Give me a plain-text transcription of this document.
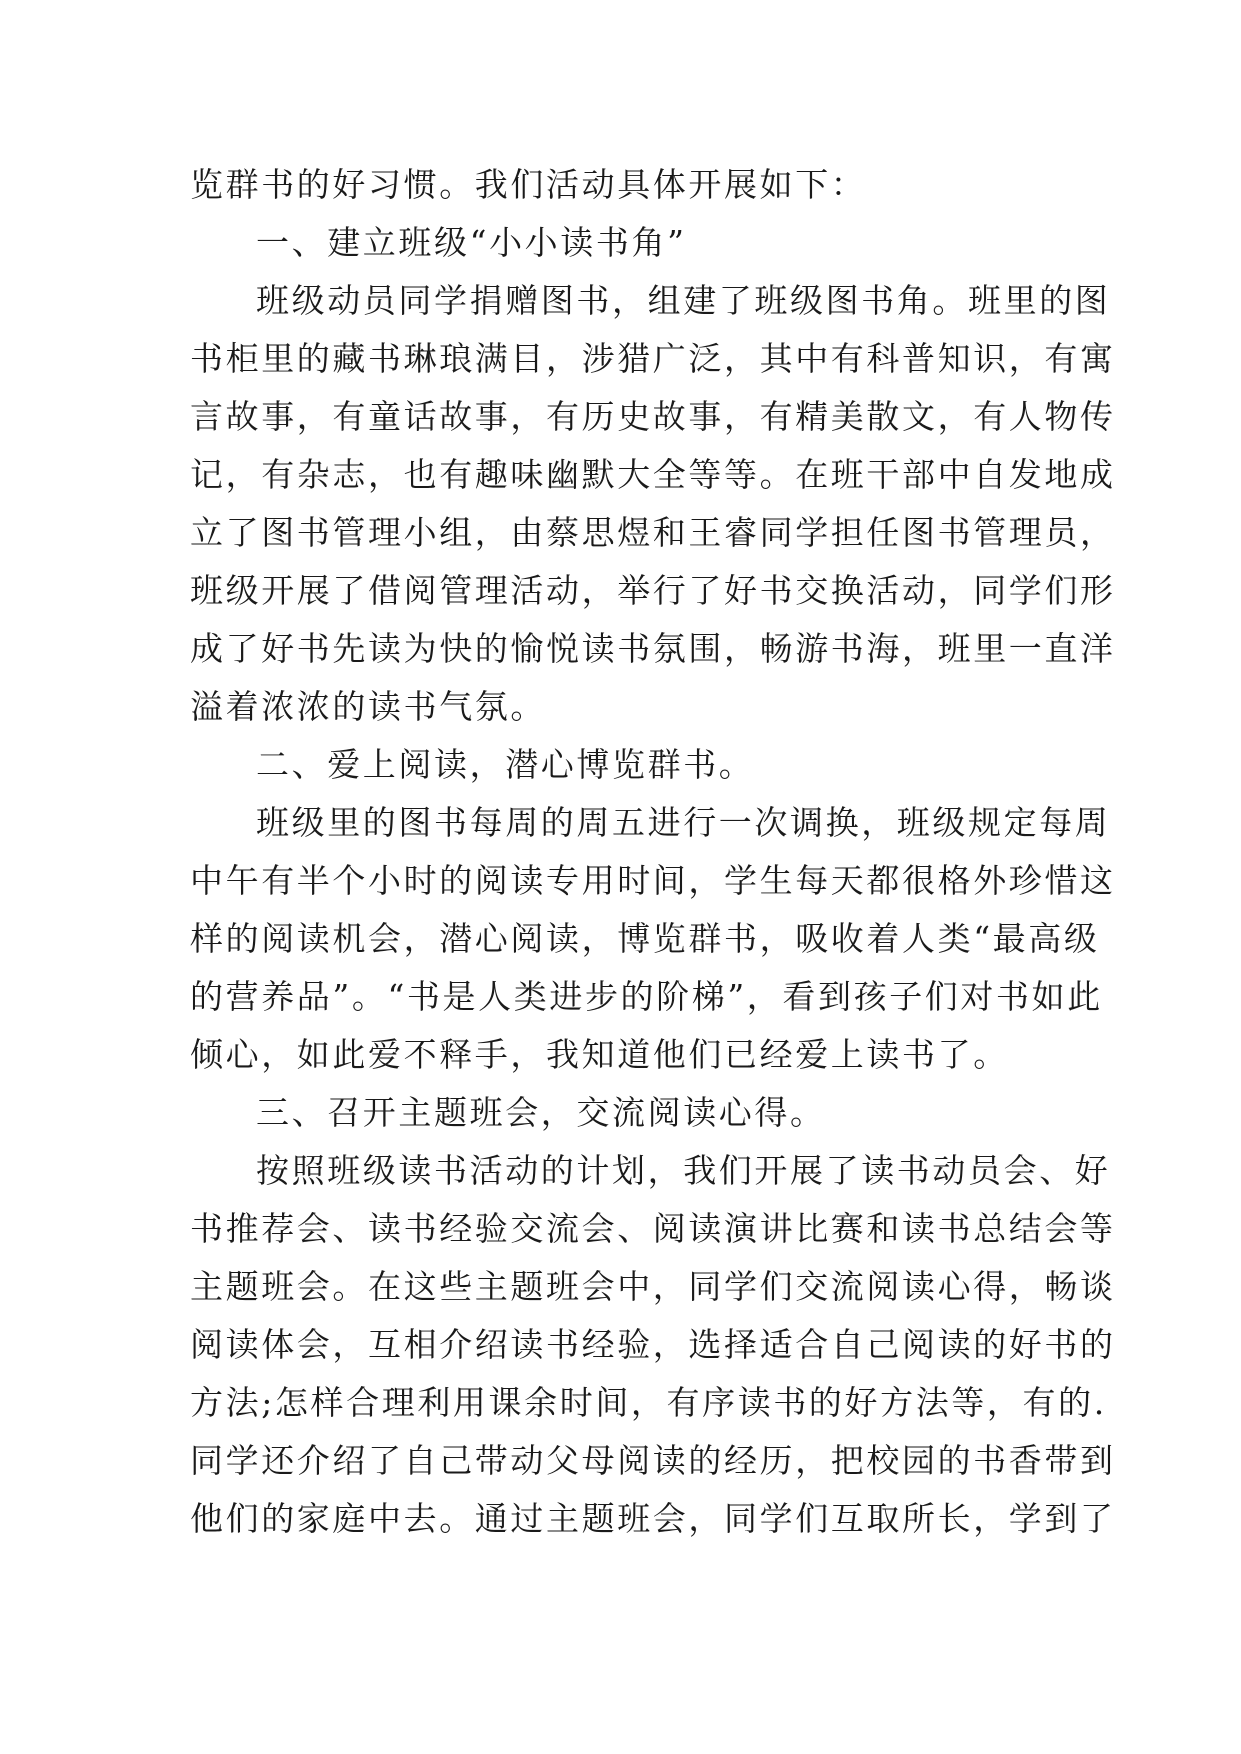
览群书的好习惯。我们活动具体开展如下：
一、建立班级“小小读书角”
班级动员同学捐赠图书，组建了班级图书角。班里的图
书柜里的藏书琳琅满目，涉猎广泛，其中有科普知识，有寓
言故事，有童话故事，有历史故事，有精美散文，有人物传
记，有杂志，也有趣味幽默大全等等。在班干部中自发地成
立了图书管理小组，由蔡思煜和王睿同学担任图书管理员，
班级开展了借阅管理活动，举行了好书交换活动，同学们形
成了好书先读为快的愉悦读书氛围，畅游书海，班里一直洋
溢着浓浓的读书气氛。
二、爱上阅读，潜心博览群书。
班级里的图书每周的周五进行一次调换，班级规定每周
中午有半个小时的阅读专用时间，学生每天都很格外珍惜这
样的阅读机会，潜心阅读，博览群书，吸收着人类“最高级
的营养品”。“书是人类进步的阶梯”，看到孩子们对书如此
倾心，如此爱不释手，我知道他们已经爱上读书了。
三、召开主题班会，交流阅读心得。
按照班级读书活动的计划，我们开展了读书动员会、好
书推荐会、读书经验交流会、阅读演讲比赛和读书总结会等
主题班会。在这些主题班会中，同学们交流阅读心得，畅谈
阅读体会，互相介绍读书经验，选择适合自己阅读的好书的
方法;怎样合理利用课余时间，有序读书的好方法等，有的.
同学还介绍了自己带动父母阅读的经历，把校园的书香带到
他们的家庭中去。通过主题班会，同学们互取所长，学到了
